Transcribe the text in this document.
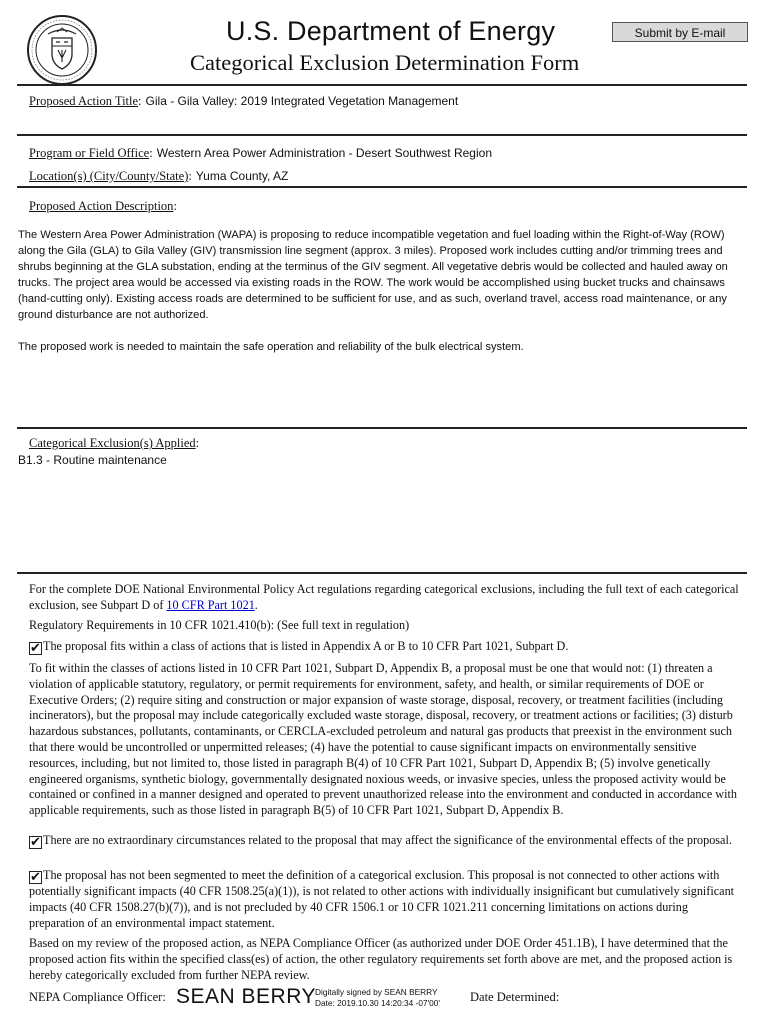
U.S. Department of Energy
Categorical Exclusion Determination Form
Submit by E-mail
Proposed Action Title: Gila - Gila Valley: 2019 Integrated Vegetation Management
Program or Field Office: Western Area Power Administration - Desert Southwest Region
Location(s) (City/County/State): Yuma County, AZ
Proposed Action Description:
The Western Area Power Administration (WAPA) is proposing to reduce incompatible vegetation and fuel loading within the Right-of-Way (ROW) along the Gila (GLA) to Gila Valley (GIV) transmission line segment (approx. 3 miles). Proposed work includes cutting and/or trimming trees and shrubs beginning at the GLA substation, ending at the terminus of the GIV segment. All vegetative debris would be collected and hauled away on trucks. The project area would be accessed via existing roads in the ROW. The work would be accomplished using bucket trucks and chainsaws (hand-cutting only). Existing access roads are determined to be sufficient for use, and as such, overland travel, access road maintenance, or any ground disturbance are not authorized.
The proposed work is needed to maintain the safe operation and reliability of the bulk electrical system.
Categorical Exclusion(s) Applied:
B1.3 - Routine maintenance
For the complete DOE National Environmental Policy Act regulations regarding categorical exclusions, including the full text of each categorical exclusion, see Subpart D of 10 CFR Part 1021.
Regulatory Requirements in 10 CFR 1021.410(b): (See full text in regulation)
✔ The proposal fits within a class of actions that is listed in Appendix A or B to 10 CFR Part 1021, Subpart D.
To fit within the classes of actions listed in 10 CFR Part 1021, Subpart D, Appendix B, a proposal must be one that would not: (1) threaten a violation of applicable statutory, regulatory, or permit requirements for environment, safety, and health, or similar requirements of DOE or Executive Orders; (2) require siting and construction or major expansion of waste storage, disposal, recovery, or treatment facilities (including incinerators), but the proposal may include categorically excluded waste storage, disposal, recovery, or treatment actions or facilities; (3) disturb hazardous substances, pollutants, contaminants, or CERCLA-excluded petroleum and natural gas products that preexist in the environment such that there would be uncontrolled or unpermitted releases; (4) have the potential to cause significant impacts on environmentally sensitive resources, including, but not limited to, those listed in paragraph B(4) of 10 CFR Part 1021, Subpart D, Appendix B; (5) involve genetically engineered organisms, synthetic biology, governmentally designated noxious weeds, or invasive species, unless the proposed activity would be contained or confined in a manner designed and operated to prevent unauthorized release into the environment and conducted in accordance with applicable requirements, such as those listed in paragraph B(5) of 10 CFR Part 1021, Subpart D, Appendix B.
✔ There are no extraordinary circumstances related to the proposal that may affect the significance of the environmental effects of the proposal.
✔ The proposal has not been segmented to meet the definition of a categorical exclusion. This proposal is not connected to other actions with potentially significant impacts (40 CFR 1508.25(a)(1)), is not related to other actions with individually insignificant but cumulatively significant impacts (40 CFR 1508.27(b)(7)), and is not precluded by 40 CFR 1506.1 or 10 CFR 1021.211 concerning limitations on actions during preparation of an environmental impact statement.
Based on my review of the proposed action, as NEPA Compliance Officer (as authorized under DOE Order 451.1B), I have determined that the proposed action fits within the specified class(es) of action, the other regulatory requirements set forth above are met, and the proposed action is hereby categorically excluded from further NEPA review.
NEPA Compliance Officer: SEAN BERRY Digitally signed by SEAN BERRY
Date: 2019.10.30 14:20:34 -07'00' Date Determined:
